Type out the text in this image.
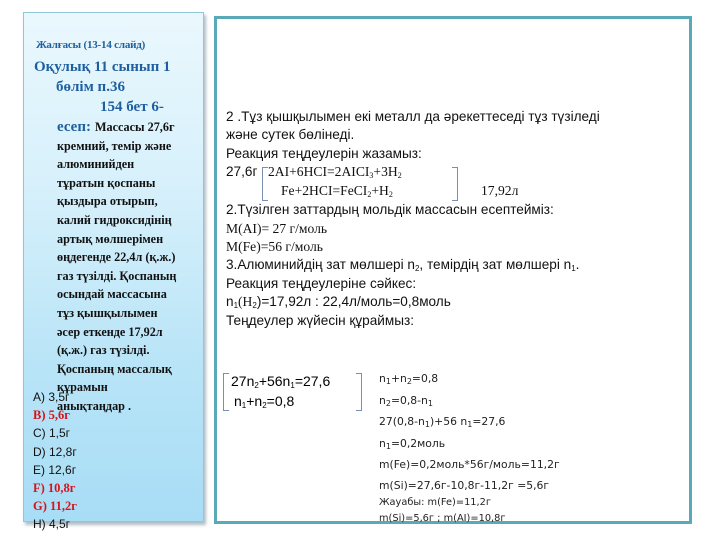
Жалғасы (13-14 слайд)
Оқулық 11 сынып 1
бөлім п.36
154 бет 6-
есеп: Массасы 27,6г
кремний, темір және
алюминийден
тұратын қоспаны
қыздыра отырып,
калий гидроксидінің
артық мөлшерімен
өңдегенде 22,4л (қ.ж.)
газ түзілді. Қоспаның
осындай массасына
тұз қышқылымен
әсер еткенде 17,92л
(қ.ж.) газ түзілді.
Қоспаның массалық
құрамын
анықтаңдар .
A) 3,5г
B) 5,6г
C) 1,5г
D) 12,8г
E) 12,6г
F) 10,8г
G) 11,2г
H) 4,5г
2 .Тұз қышқылымен екі металл да әрекеттеседі тұз түзіледі
және сутек бөлінеді.
Реакция теңдеулерін жазамыз:
27,6г $2AI+6HCI=2AICI_3+3H_2$
$Fe+2HCI=FeCI_2+H_2$	17,92л
2.Түзілген заттардың мольдік массасын есептейміз:
M(AI)= 27 г/моль
M(Fe)=56 г/моль
3.Алюминийдің зат мөлшері $n_2$, темірдің зат мөлшері $n_1$.
Реакция теңдеулеріне сәйкес:
$n_1(H_2)=17,92л$ : 22,4л/моль=0,8моль
Теңдеулер жүйесін құраймыз:
$27n_2+56n_1=27,6$
$n_1+n_2=0,8$
$n_1+n_2=0,8$
$n_2=0,8-n_1$
$27(0,8-n_1)+56$ $n_1=27,6$
$n_1=0,2моль$
m(Fe)=0,2моль*56г/моль=11,2г
m(Si)=27,6г-10,8г-11,2г =5,6г
Жауабы: m(Fe)=11,2г
m(Si)=5,6г ; m(AI)=10,8г
